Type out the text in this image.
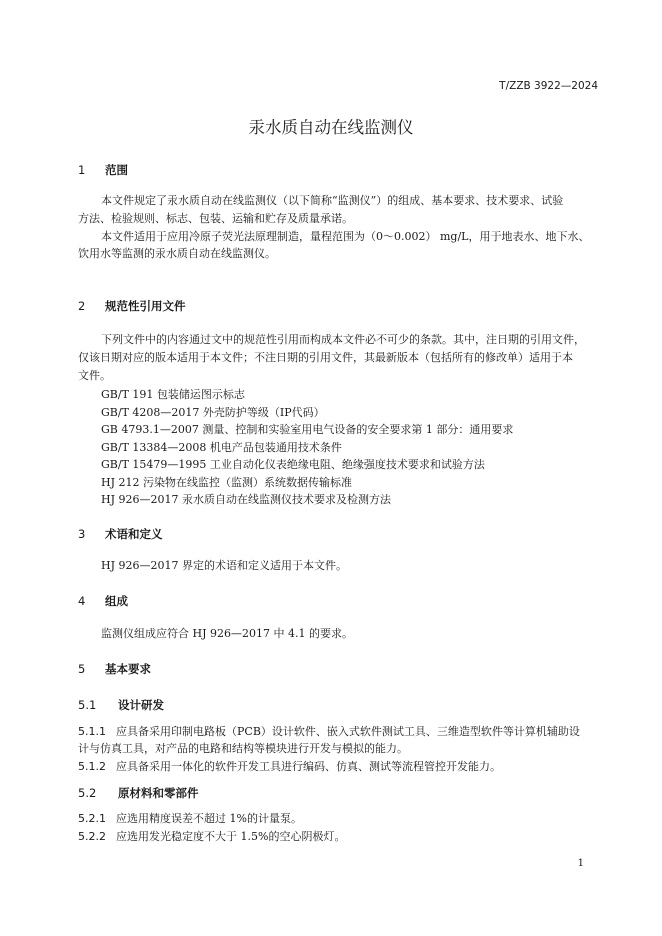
T/ZZB 3922—2024
汞水质自动在线监测仪
1 范围
本文件规定了汞水质自动在线监测仪（以下简称“监测仪”）的组成、基本要求、技术要求、试验
方法、检验规则、标志、包装、运输和贮存及质量承诺。
本文件适用于应用冷原子荧光法原理制造，量程范围为（0～0.002） mg/L，用于地表水、地下水、
饮用水等监测的汞水质自动在线监测仪。
2 规范性引用文件
下列文件中的内容通过文中的规范性引用而构成本文件必不可少的条款。其中，注日期的引用文件，
仅该日期对应的版本适用于本文件；不注日期的引用文件，其最新版本（包括所有的修改单）适用于本
文件。
GB/T 191 包装储运图示标志
GB/T 4208—2017 外壳防护等级（IP代码）
GB 4793.1—2007 测量、控制和实验室用电气设备的安全要求第 1 部分：通用要求
GB/T 13384—2008 机电产品包装通用技术条件
GB/T 15479—1995 工业自动化仪表绝缘电阻、绝缘强度技术要求和试验方法
HJ 212 污染物在线监控（监测）系统数据传输标准
HJ 926—2017 汞水质自动在线监测仪技术要求及检测方法
3 术语和定义
HJ 926—2017 界定的术语和定义适用于本文件。
4 组成
监测仪组成应符合 HJ 926—2017 中 4.1 的要求。
5 基本要求
5.1 设计研发
5.1.1 应具备采用印制电路板（PCB）设计软件、嵌入式软件测试工具、三维造型软件等计算机辅助设
计与仿真工具，对产品的电路和结构等模块进行开发与模拟的能力。
5.1.2 应具备采用一体化的软件开发工具进行编码、仿真、测试等流程管控开发能力。
5.2 原材料和零部件
5.2.1 应选用精度误差不超过 1%的计量泵。
5.2.2 应选用发光稳定度不大于 1.5%的空心阴极灯。
1
